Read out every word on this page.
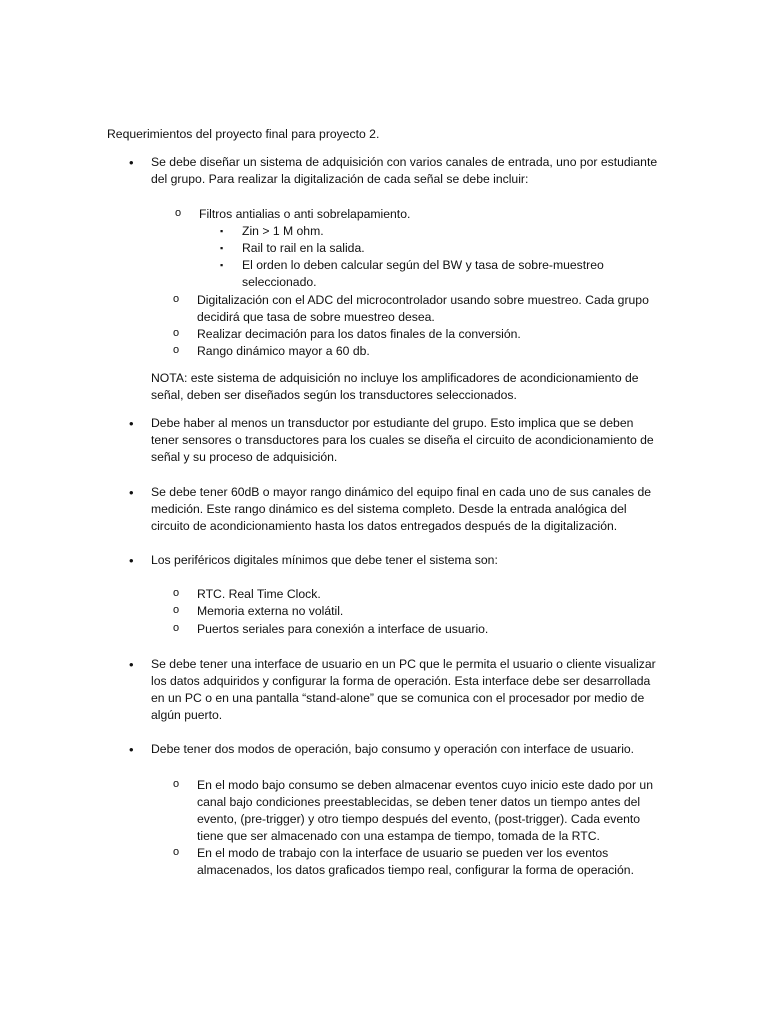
Requerimientos del proyecto final para proyecto 2.

• Se debe diseñar un sistema de adquisición con varios canales de entrada, uno por estudiante del grupo. Para realizar la digitalización de cada señal se debe incluir:

o Filtros antialias o anti sobrelapamiento.

▪ Zin > 1 M ohm.

▪ Rail to rail en la salida.

▪ El orden lo deben calcular según del BW y tasa de sobre-muestreo seleccionado.

o Digitalización con el ADC del microcontrolador usando sobre muestreo. Cada grupo decidirá que tasa de sobre muestreo desea.

o Realizar decimación para los datos finales de la conversión.

o Rango dinámico mayor a 60 db.

NOTA: este sistema de adquisición no incluye los amplificadores de acondicionamiento de señal, deben ser diseñados según los transductores seleccionados.

• Debe haber al menos un transductor por estudiante del grupo. Esto implica que se deben tener sensores o transductores para los cuales se diseña el circuito de acondicionamiento de señal y su proceso de adquisición.

• Se debe tener 60dB o mayor rango dinámico del equipo final en cada uno de sus canales de medición. Este rango dinámico es del sistema completo. Desde la entrada analógica del circuito de acondicionamiento hasta los datos entregados después de la digitalización.

• Los periféricos digitales mínimos que debe tener el sistema son:

o RTC. Real Time Clock.

o Memoria externa no volátil.

o Puertos seriales para conexión a interface de usuario.

• Se debe tener una interface de usuario en un PC que le permita el usuario o cliente visualizar los datos adquiridos y configurar la forma de operación. Esta interface debe ser desarrollada en un PC o en una pantalla “stand-alone” que se comunica con el procesador por medio de algún puerto.

• Debe tener dos modos de operación, bajo consumo y operación con interface de usuario.

o En el modo bajo consumo se deben almacenar eventos cuyo inicio este dado por un canal bajo condiciones preestablecidas, se deben tener datos un tiempo antes del evento, (pre-trigger) y otro tiempo después del evento, (post-trigger). Cada evento tiene que ser almacenado con una estampa de tiempo, tomada de la RTC.

o En el modo de trabajo con la interface de usuario se pueden ver los eventos almacenados, los datos graficados tiempo real, configurar la forma de operación.
